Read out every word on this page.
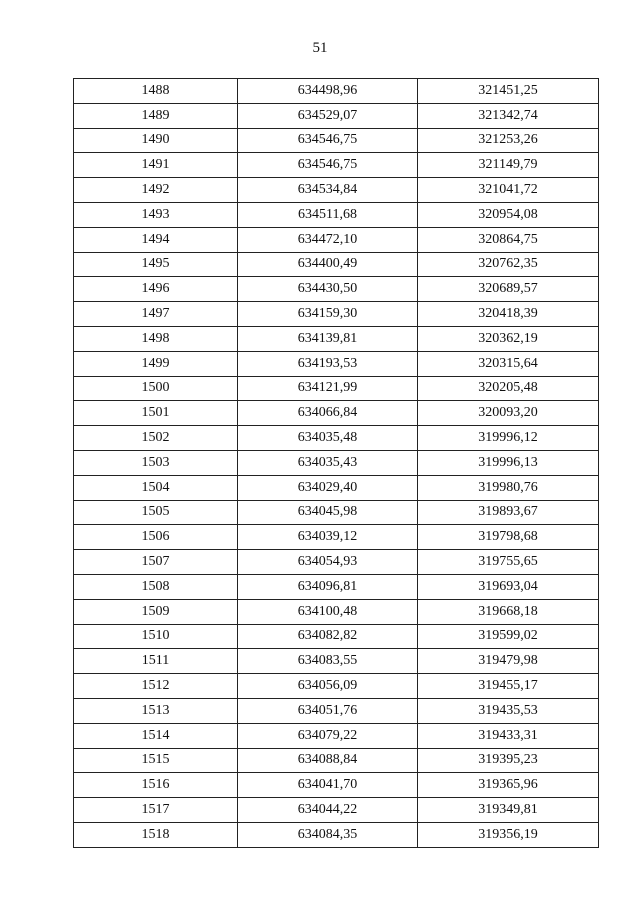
51
1488	634498,96	321451,25
1489	634529,07	321342,74
1490	634546,75	321253,26
1491	634546,75	321149,79
1492	634534,84	321041,72
1493	634511,68	320954,08
1494	634472,10	320864,75
1495	634400,49	320762,35
1496	634430,50	320689,57
1497	634159,30	320418,39
1498	634139,81	320362,19
1499	634193,53	320315,64
1500	634121,99	320205,48
1501	634066,84	320093,20
1502	634035,48	319996,12
1503	634035,43	319996,13
1504	634029,40	319980,76
1505	634045,98	319893,67
1506	634039,12	319798,68
1507	634054,93	319755,65
1508	634096,81	319693,04
1509	634100,48	319668,18
1510	634082,82	319599,02
1511	634083,55	319479,98
1512	634056,09	319455,17
1513	634051,76	319435,53
1514	634079,22	319433,31
1515	634088,84	319395,23
1516	634041,70	319365,96
1517	634044,22	319349,81
1518	634084,35	319356,19
